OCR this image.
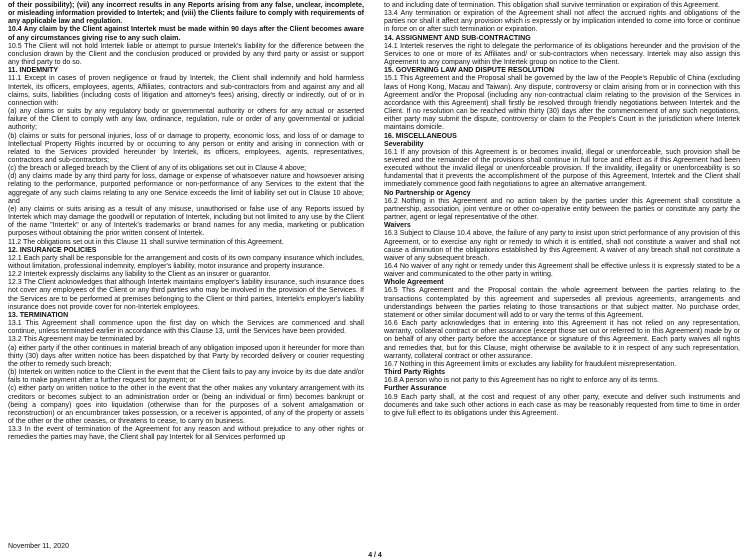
of their possibility); (vii) any incorrect results in any Reports arising from any false, unclear, incomplete, or misleading information provided to Intertek; and (viii) the Clients failure to comply with requirements of any applicable law and regulation.

10.4 Any claim by the Client against Intertek must be made within 90 days after the Client becomes aware of any circumstances giving rise to any such claim.

10.5 The Client will not hold Intertek liable or attempt to pursue Intertek's liability for the difference between the conclusion drawn by the Client and the conclusion produced or provided by any third party or assist or support any third party to do so.

11. INDEMNITY

11.1 Except in cases of proven negligence or fraud by Intertek, the Client shall indemnify and hold harmless Intertek, its officers, employees, agents, Affiliates, contractors and sub-contractors from and against any and all claims, suits, liabilities (including costs of litigation and attorney's fees) arising, directly or indirectly, out of or in connection with:

(a) any claims or suits by any regulatory body or governmental authority or others for any actual or asserted failure of the Client to comply with any law, ordinance, regulation, rule or order of any governmental or judicial authority;

(b) claims or suits for personal injuries, loss of or damage to property, economic loss, and loss of or damage to Intellectual Property Rights incurred by or occurring to any person or entity and arising in connection with or related to the Services provided hereunder by Intertek, its officers, employees, agents, representatives, contractors and sub-contractors;

(c) the breach or alleged breach by the Client of any of its obligations set out in Clause 4 above;

(d) any claims made by any third party for loss, damage or expense of whatsoever nature and howsoever arising relating to the performance, purported performance or non-performance of any Services to the extent that the aggregate of any such claims relating to any one Service exceeds the limit of liability set out in Clause 10 above; and

(e) any claims or suits arising as a result of any misuse, unauthorised or false use of any Reports issued by Intertek which may damage the goodwill or reputation of Intertek, including but not limited to any use by the Client of the name "Intertek" or any of Intertek's trademarks or brand names for any media, marketing or publication purposes without obtaining the prior written consent of Intertek.

11.2 The obligations set out in this Clause 11 shall survive termination of this Agreement.

12. INSURANCE POLICIES

12.1 Each party shall be responsible for the arrangement and costs of its own company insurance which includes, without limitation, professional indemnity, employer's liability, motor insurance and property insurance.

12.2 Intertek expressly disclaims any liability to the Client as an insurer or guarantor.

12.3 The Client acknowledges that although Intertek maintains employer's liability insurance, such insurance does not cover any employees of the Client or any third parties who may be involved in the provision of the Services. If the Services are to be performed at premises belonging to the Client or third parties, Intertek's employer's liability insurance does not provide cover for non-Intertek employees.

13. TERMINATION

13.1 This Agreement shall commence upon the first day on which the Services are commenced and shall continue, unless terminated earlier in accordance with this Clause 13, until the Services have been provided.

13.2 This Agreement may be terminated by:

(a) either party if the other continues in material breach of any obligation imposed upon it hereunder for more than thirty (30) days after written notice has been dispatched by that Party by recorded delivery or courier requesting the other to remedy such breach;

(b) Intertek on written notice to the Client in the event that the Client fails to pay any invoice by its due date and/or fails to make payment after a further request for payment; or

(c) either party on written notice to the other in the event that the other makes any voluntary arrangement with its creditors or becomes subject to an administration order or (being an individual or firm) becomes bankrupt or (being a company) goes into liquidation (otherwise than for the purposes of a solvent amalgamation or reconstruction) or an encumbrancer takes possession, or a receiver is appointed, of any of the property or assets of the other or the other ceases, or threatens to cease, to carry on business.

13.3 In the event of termination of the Agreement for any reason and without prejudice to any other rights or remedies the parties may have, the Client shall pay Intertek for all Services performed up

to and including date of termination. This obligation shall survive termination or expiration of this Agreement.

13.4 Any termination or expiration of the Agreement shall not affect the accrued rights and obligations of the parties nor shall it affect any provision which is expressly or by implication intended to come into force or continue in force on or after such termination or expiration.

14. ASSIGNMENT AND SUB-CONTRACTING

14.1 Intertek reserves the right to delegate the performance of its obligations hereunder and the provision of the Services to one or more of its Affiliates and/ or sub-contractors when necessary. Intertek may also assign this Agreement to any company within the Intertek group on notice to the Client.

15. GOVERNING LAW AND DISPUTE RESOLUTION

15.1 This Agreement and the Proposal shall be governed by the law of the People's Republic of China (excluding laws of Hong Kong, Macau and Taiwan). Any dispute, controversy or claim arising from or in connection with this Agreement and/or the Proposal (including any non-contractual claim relating to the provision of the Services in accordance with this Agreement) shall firstly be resolved through friendly negotiations between Intertek and the Client. If no resolution can be reached within thirty (30) days after the commencement of any such negotiations, either party may submit the dispute, controversy or claim to the People's Court in the jurisdiction where Intertek maintains domicile.

16. MISCELLANEOUS

Severability

16.1 If any provision of this Agreement is or becomes invalid, illegal or unenforceable, such provision shall be severed and the remainder of the provisions shall continue in full force and effect as if this Agreement had been executed without the invalid illegal or unenforceable provision. If the invalidity, illegality or unenforceability is so fundamental that it prevents the accomplishment of the purpose of this Agreement, Intertek and the Client shall immediately commence good faith negotiations to agree an alternative arrangement.

No Partnership or Agency

16.2 Nothing in this Agreement and no action taken by the parties under this Agreement shall constitute a partnership, association, joint venture or other co-operative entity between the parties or constitute any party the partner, agent or legal representative of the other.

Waivers

16.3 Subject to Clause 10.4 above, the failure of any party to insist upon strict performance of any provision of this Agreement, or to exercise any right or remedy to which it is entitled, shall not constitute a waiver and shall not cause a diminution of the obligations established by this Agreement. A waiver of any breach shall not constitute a waiver of any subsequent breach.

16.4 No waiver of any right or remedy under this Agreement shall be effective unless it is expressly stated to be a waiver and communicated to the other party in writing.

Whole Agreement

16.5 This Agreement and the Proposal contain the whole agreement between the parties relating to the transactions contemplated by this agreement and supersedes all previous agreements, arrangements and understandings between the parties relating to those transactions or that subject matter. No purchase order, statement or other similar document will add to or vary the terms of this Agreement.

16.6 Each party acknowledges that in entering into this Agreement it has not relied on any representation, warranty, collateral contract or other assurance (except those set out or referred to in this Agreement) made by or on behalf of any other party before the acceptance or signature of this Agreement. Each party waives all rights and remedies that, but for this Clause, might otherwise be available to it in respect of any such representation, warranty, collateral contract or other assurance.

16.7 Nothing in this Agreement limits or excludes any liability for fraudulent misrepresentation.

Third Party Rights

16.8 A person who is not party to this Agreement has no right to enforce any of its terms.

Further Assurance

16.9 Each party shall, at the cost and request of any other party, execute and deliver such instruments and documents and take such other actions in each case as may be reasonably requested from time to time in order to give full effect to its obligations under this Agreement.

November 11, 2020
4 / 4
